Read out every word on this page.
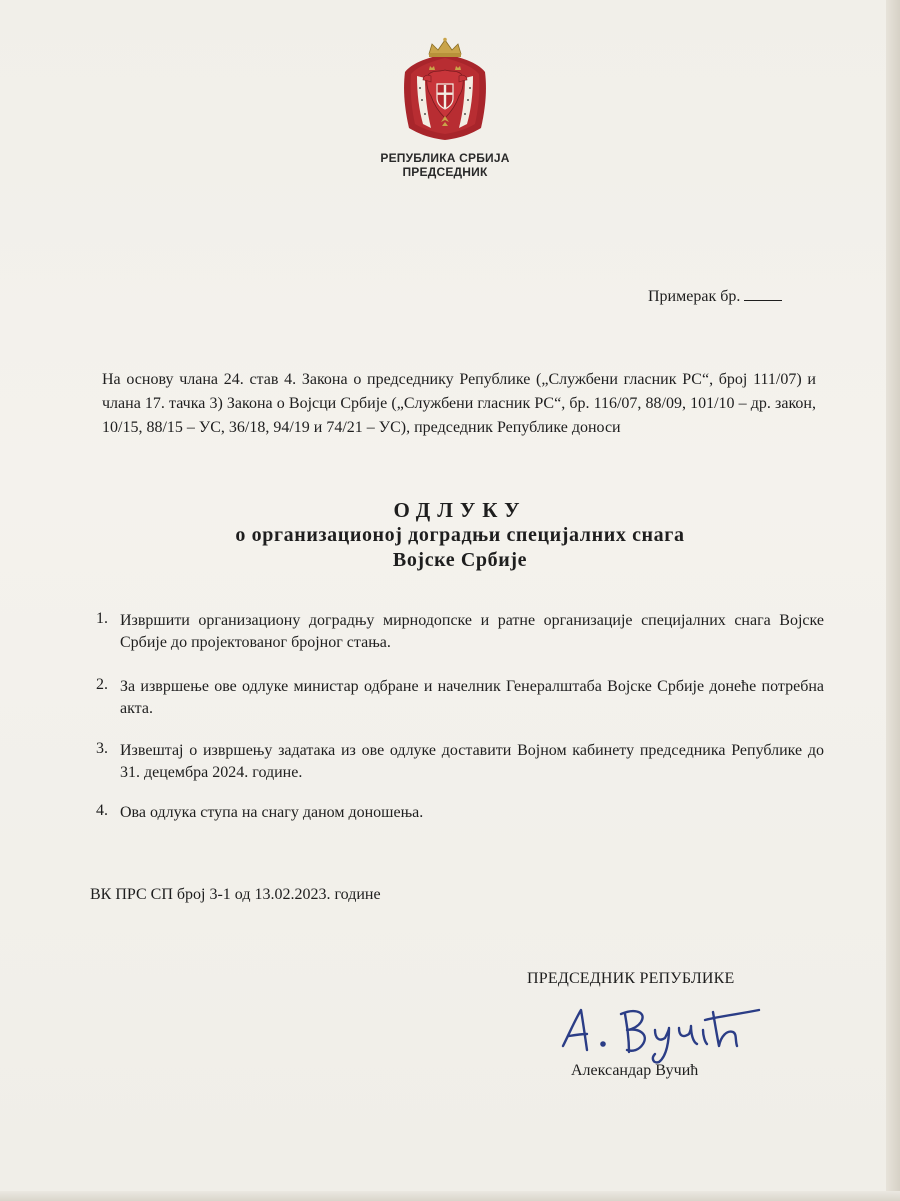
РЕПУБЛИКА СРБИЈА
ПРЕДСЕДНИК
Примерак бр.
На основу члана 24. став 4. Закона о председнику Републике („Службени гласник РС“, број 111/07) и члана 17. тачка 3) Закона о Војсци Србије („Службени гласник РС“, бр. 116/07, 88/09, 101/10 – др. закон, 10/15, 88/15 – УС, 36/18, 94/19 и 74/21 – УС), председник Републике доноси
ОДЛУКУ
о организационој доградњи специјалних снага
Војске Србије
1. Извршити организациону доградњу мирнодопске и ратне организације специјалних снага Војске Србије до пројектованог бројног стања.
2. За извршење ове одлуке министар одбране и начелник Генералштаба Војске Србије донеће потребна акта.
3. Извештај о извршењу задатака из ове одлуке доставити Војном кабинету председника Републике до 31. децембра 2024. године.
4. Ова одлука ступа на снагу даном доношења.
ВК ПРС СП број 3-1 од 13.02.2023. године
ПРЕДСЕДНИК РЕПУБЛИКЕ
Александар Вучић
